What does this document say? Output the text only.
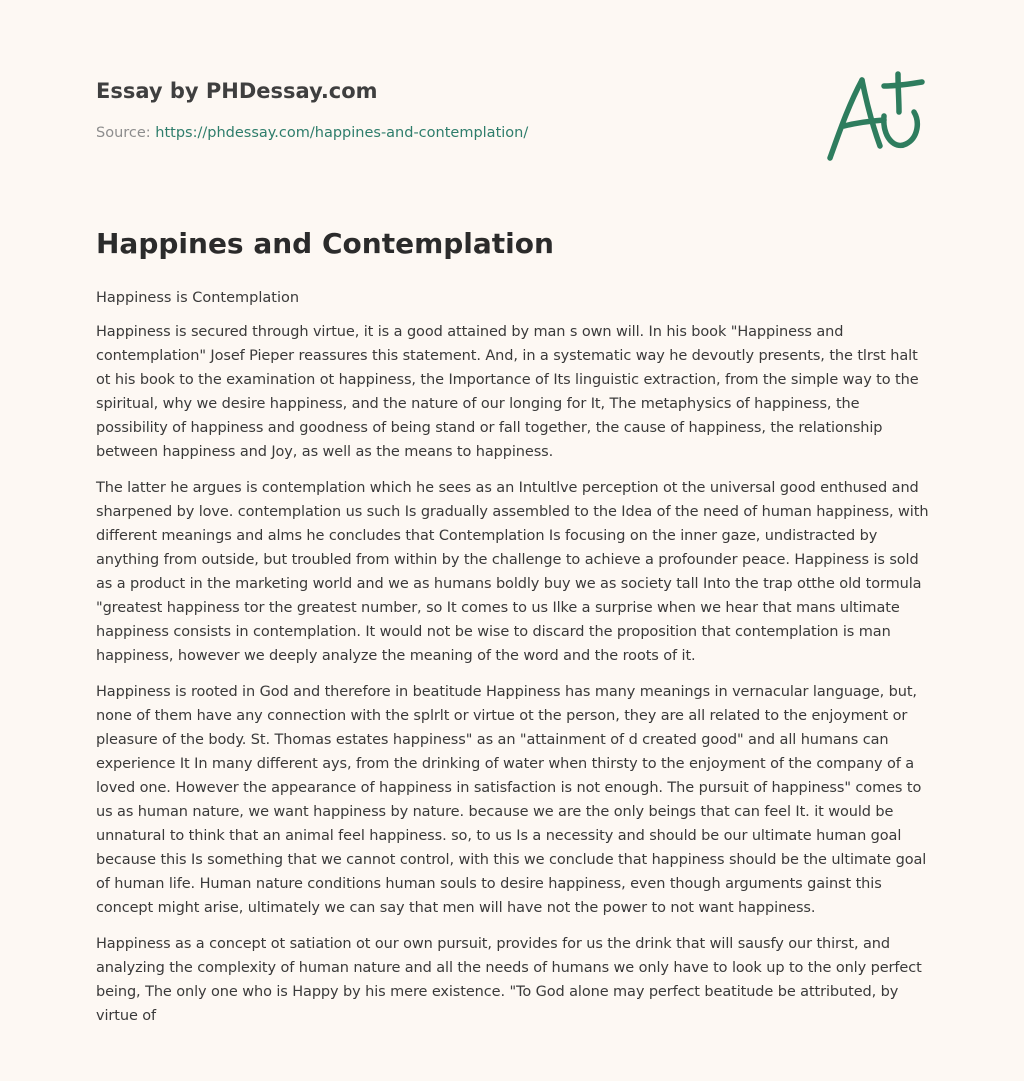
Essay by PHDessay.com
Source: https://phdessay.com/happines-and-contemplation/
Happines and Contemplation
Happiness is Contemplation

Happiness is secured through virtue, it is a good attained by man s own will. In his book "Happiness and contemplation" Josef Pieper reassures this statement. And, in a systematic way he devoutly presents, the tlrst halt ot his book to the examination ot happiness, the Importance of Its linguistic extraction, from the simple way to the spiritual, why we desire happiness, and the nature of our longing for It, The metaphysics of happiness, the possibility of happiness and goodness of being stand or fall together, the cause of happiness, the relationship between happiness and Joy, as well as the means to happiness.

The latter he argues is contemplation which he sees as an Intultlve perception ot the universal good enthused and sharpened by love. contemplation us such Is gradually assembled to the Idea of the need of human happiness, with different meanings and alms he concludes that Contemplation Is focusing on the inner gaze, undistracted by anything from outside, but troubled from within by the challenge to achieve a profounder peace. Happiness is sold as a product in the marketing world and we as humans boldly buy we as society tall Into the trap otthe old tormula "greatest happiness tor the greatest number, so It comes to us Ilke a surprise when we hear that mans ultimate happiness consists in contemplation. It would not be wise to discard the proposition that contemplation is man happiness, however we deeply analyze the meaning of the word and the roots of it.

Happiness is rooted in God and therefore in beatitude Happiness has many meanings in vernacular language, but, none of them have any connection with the splrlt or virtue ot the person, they are all related to the enjoyment or pleasure of the body. St. Thomas estates happiness" as an "attainment of d created good" and all humans can experience It In many different ays, from the drinking of water when thirsty to the enjoyment of the company of a loved one. However the appearance of happiness in satisfaction is not enough. The pursuit of happiness" comes to us as human nature, we want happiness by nature. because we are the only beings that can feel It. it would be unnatural to think that an animal feel happiness. so, to us Is a necessity and should be our ultimate human goal because this Is something that we cannot control, with this we conclude that happiness should be the ultimate goal of human life. Human nature conditions human souls to desire happiness, even though arguments gainst this concept might arise, ultimately we can say that men will have not the power to not want happiness.

Happiness as a concept ot satiation ot our own pursuit, provides for us the drink that will sausfy our thirst, and analyzing the complexity of human nature and all the needs of humans we only have to look up to the only perfect being, The only one who is Happy by his mere existence. "To God alone may perfect beatitude be attributed, by virtue of
